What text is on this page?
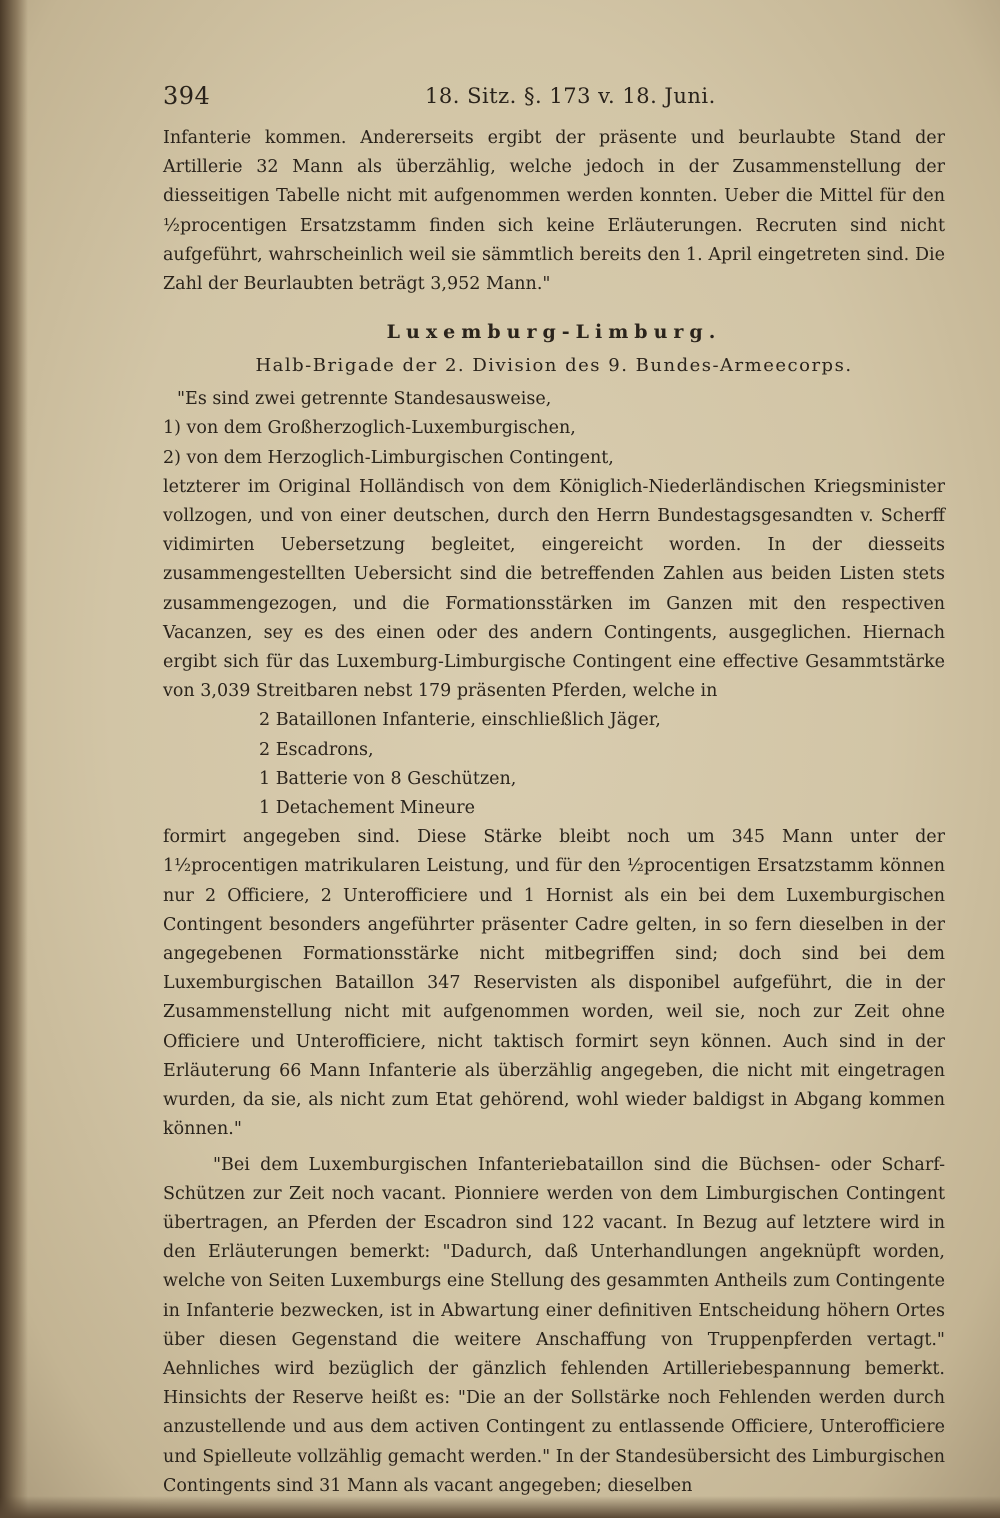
394	18. Sitz. §. 173 v. 18. Juni.

Infanterie kommen. Andererseits ergibt der präsente und beurlaubte Stand der Artillerie 32 Mann als überzählig, welche jedoch in der Zusammenstellung der diesseitigen Tabelle nicht mit aufgenommen werden konnten. Ueber die Mittel für den ½procentigen Ersatzstamm finden sich keine Erläuterungen. Recruten sind nicht aufgeführt, wahrscheinlich weil sie sämmtlich bereits den 1. April eingetreten sind. Die Zahl der Beurlaubten beträgt 3,952 Mann."

Luxemburg-Limburg.
Halb-Brigade der 2. Division des 9. Bundes-Armeecorps.

"Es sind zwei getrennte Standesausweise,

1) von dem Großherzoglich-Luxemburgischen,
2) von dem Herzoglich-Limburgischen Contingent,

letzterer im Original Holländisch von dem Königlich-Niederländischen Kriegsminister vollzogen, und von einer deutschen, durch den Herrn Bundestagsgesandten v. Scherff vidimirten Uebersetzung begleitet, eingereicht worden. In der diesseits zusammengestellten Uebersicht sind die betreffenden Zahlen aus beiden Listen stets zusammengezogen, und die Formationsstärken im Ganzen mit den respectiven Vacanzen, sey es des einen oder des andern Contingents, ausgeglichen. Hiernach ergibt sich für das Luxemburg-Limburgische Contingent eine effective Gesammtstärke von 3,039 Streitbaren nebst 179 präsenten Pferden, welche in

2 Bataillonen Infanterie, einschließlich Jäger,
2 Escadrons,
1 Batterie von 8 Geschützen,
1 Detachement Mineure

formirt angegeben sind. Diese Stärke bleibt noch um 345 Mann unter der 1½procentigen matrikularen Leistung, und für den ½procentigen Ersatzstamm können nur 2 Officiere, 2 Unterofficiere und 1 Hornist als ein bei dem Luxemburgischen Contingent besonders angeführter präsenter Cadre gelten, in so fern dieselben in der angegebenen Formationsstärke nicht mitbegriffen sind; doch sind bei dem Luxemburgischen Bataillon 347 Reservisten als disponibel aufgeführt, die in der Zusammenstellung nicht mit aufgenommen worden, weil sie, noch zur Zeit ohne Officiere und Unterofficiere, nicht taktisch formirt seyn können. Auch sind in der Erläuterung 66 Mann Infanterie als überzählig angegeben, die nicht mit eingetragen wurden, da sie, als nicht zum Etat gehörend, wohl wieder baldigst in Abgang kommen können."

"Bei dem Luxemburgischen Infanteriebataillon sind die Büchsen- oder Scharf-Schützen zur Zeit noch vacant. Pionniere werden von dem Limburgischen Contingent übertragen, an Pferden der Escadron sind 122 vacant. In Bezug auf letztere wird in den Erläuterungen bemerkt: "Dadurch, daß Unterhandlungen angeknüpft worden, welche von Seiten Luxemburgs eine Stellung des gesammten Antheils zum Contingente in Infanterie bezwecken, ist in Abwartung einer definitiven Entscheidung höhern Ortes über diesen Gegenstand die weitere Anschaffung von Truppenpferden vertagt." Aehnliches wird bezüglich der gänzlich fehlenden Artilleriebespannung bemerkt. Hinsichts der Reserve heißt es: "Die an der Sollstärke noch Fehlenden werden durch anzustellende und aus dem activen Contingent zu entlassende Officiere, Unterofficiere und Spielleute vollzählig gemacht werden." In der Standesübersicht des Limburgischen Contingents sind 31 Mann als vacant angegeben; dieselben
